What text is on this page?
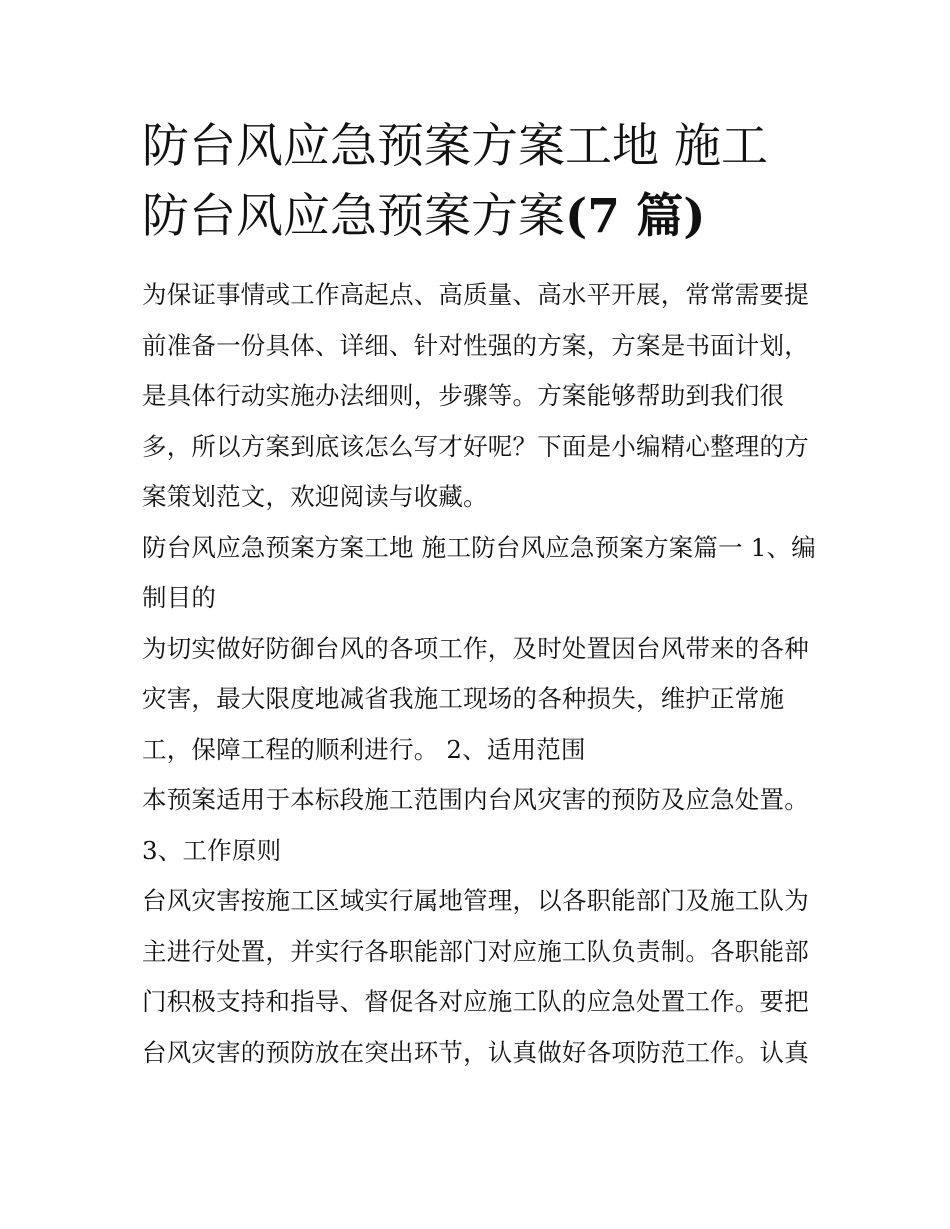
防台风应急预案方案工地 施工
防台风应急预案方案(7 篇)

为保证事情或工作高起点、高质量、高水平开展，常常需要提前准备一份具体、详细、针对性强的方案，方案是书面计划，是具体行动实施办法细则，步骤等。方案能够帮助到我们很多，所以方案到底该怎么写才好呢？下面是小编精心整理的方案策划范文，欢迎阅读与收藏。

防台风应急预案方案工地 施工防台风应急预案方案篇一 1、编制目的

为切实做好防御台风的各项工作，及时处置因台风带来的各种灾害，最大限度地减省我施工现场的各种损失，维护正常施工，保障工程的顺利进行。 2、适用范围

本预案适用于本标段施工范围内台风灾害的预防及应急处置。 3、工作原则

台风灾害按施工区域实行属地管理，以各职能部门及施工队为主进行处置，并实行各职能部门对应施工队负责制。各职能部门积极支持和指导、督促各对应施工队的应急处置工作。要把台风灾害的预防放在突出环节，认真做好各项防范工作。认真
